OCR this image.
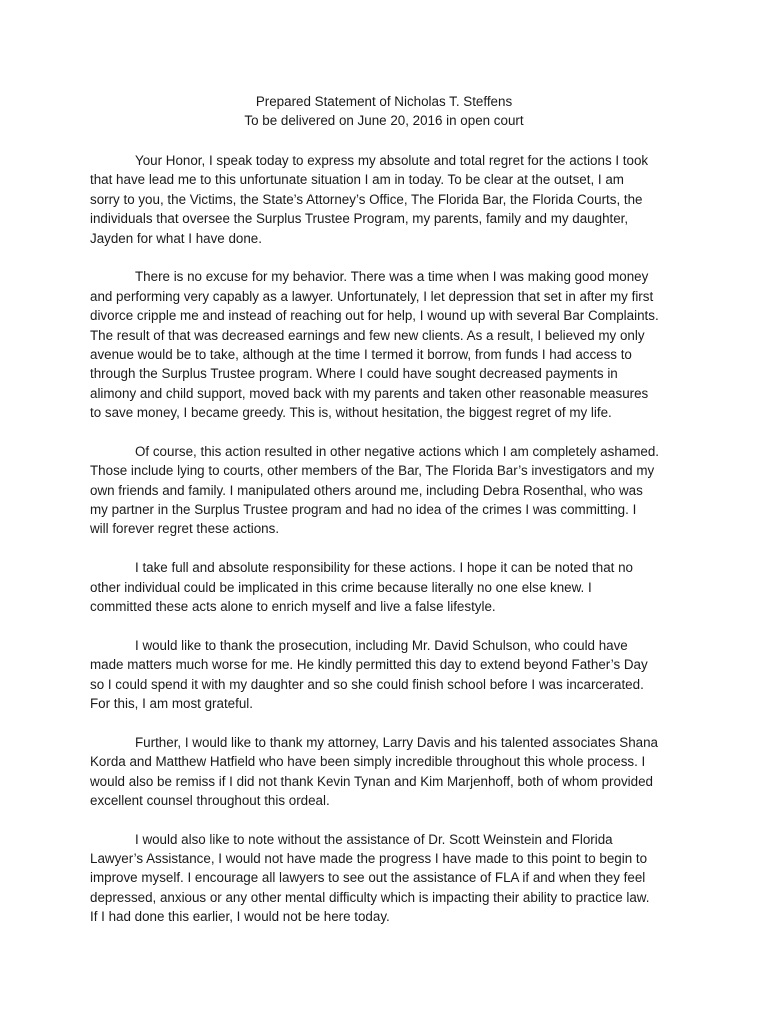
Prepared Statement of Nicholas T. Steffens
To be delivered on June 20, 2016 in open court
Your Honor, I speak today to express my absolute and total regret for the actions I took
that have lead me to this unfortunate situation I am in today. To be clear at the outset, I am
sorry to you, the Victims, the State’s Attorney’s Office, The Florida Bar, the Florida Courts, the
individuals that oversee the Surplus Trustee Program, my parents, family and my daughter,
Jayden for what I have done.
There is no excuse for my behavior. There was a time when I was making good money
and performing very capably as a lawyer. Unfortunately, I let depression that set in after my first
divorce cripple me and instead of reaching out for help, I wound up with several Bar Complaints.
The result of that was decreased earnings and few new clients. As a result, I believed my only
avenue would be to take, although at the time I termed it borrow, from funds I had access to
through the Surplus Trustee program. Where I could have sought decreased payments in
alimony and child support, moved back with my parents and taken other reasonable measures
to save money, I became greedy. This is, without hesitation, the biggest regret of my life.
Of course, this action resulted in other negative actions which I am completely ashamed.
Those include lying to courts, other members of the Bar, The Florida Bar’s investigators and my
own friends and family. I manipulated others around me, including Debra Rosenthal, who was
my partner in the Surplus Trustee program and had no idea of the crimes I was committing. I
will forever regret these actions.
I take full and absolute responsibility for these actions. I hope it can be noted that no
other individual could be implicated in this crime because literally no one else knew. I
committed these acts alone to enrich myself and live a false lifestyle.
I would like to thank the prosecution, including Mr. David Schulson, who could have
made matters much worse for me. He kindly permitted this day to extend beyond Father’s Day
so I could spend it with my daughter and so she could finish school before I was incarcerated.
For this, I am most grateful.
Further, I would like to thank my attorney, Larry Davis and his talented associates Shana
Korda and Matthew Hatfield who have been simply incredible throughout this whole process. I
would also be remiss if I did not thank Kevin Tynan and Kim Marjenhoff, both of whom provided
excellent counsel throughout this ordeal.
I would also like to note without the assistance of Dr. Scott Weinstein and Florida
Lawyer’s Assistance, I would not have made the progress I have made to this point to begin to
improve myself. I encourage all lawyers to see out the assistance of FLA if and when they feel
depressed, anxious or any other mental difficulty which is impacting their ability to practice law.
If I had done this earlier, I would not be here today.
